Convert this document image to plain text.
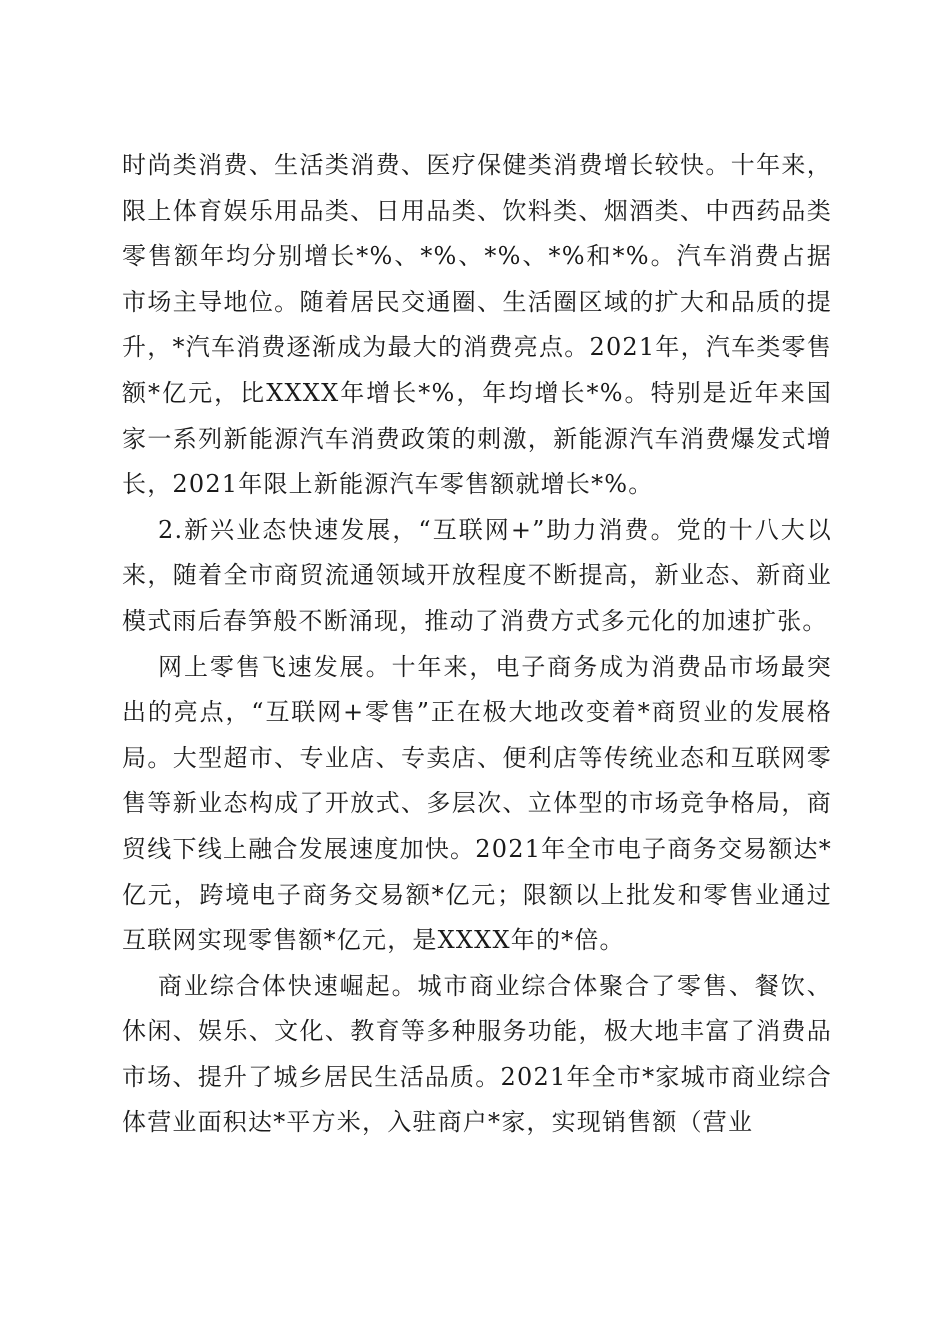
时尚类消费、生活类消费、医疗保健类消费增长较快。十年来，限上体育娱乐用品类、日用品类、饮料类、烟酒类、中西药品类零售额年均分别增长*%、*%、*%、*%和*%。汽车消费占据市场主导地位。随着居民交通圈、生活圈区域的扩大和品质的提升，*汽车消费逐渐成为最大的消费亮点。2021年，汽车类零售额*亿元，比XXXX年增长*%，年均增长*%。特别是近年来国家一系列新能源汽车消费政策的刺激，新能源汽车消费爆发式增长，2021年限上新能源汽车零售额就增长*%。

2.新兴业态快速发展，“互联网+”助力消费。党的十八大以来，随着全市商贸流通领域开放程度不断提高，新业态、新商业模式雨后春笋般不断涌现，推动了消费方式多元化的加速扩张。

网上零售飞速发展。十年来，电子商务成为消费品市场最突出的亮点，“互联网+零售”正在极大地改变着*商贸业的发展格局。大型超市、专业店、专卖店、便利店等传统业态和互联网零售等新业态构成了开放式、多层次、立体型的市场竞争格局，商贸线下线上融合发展速度加快。2021年全市电子商务交易额达*亿元，跨境电子商务交易额*亿元；限额以上批发和零售业通过互联网实现零售额*亿元，是XXXX年的*倍。

商业综合体快速崛起。城市商业综合体聚合了零售、餐饮、休闲、娱乐、文化、教育等多种服务功能，极大地丰富了消费品市场、提升了城乡居民生活品质。2021年全市*家城市商业综合体营业面积达*平方米，入驻商户*家，实现销售额（营业
